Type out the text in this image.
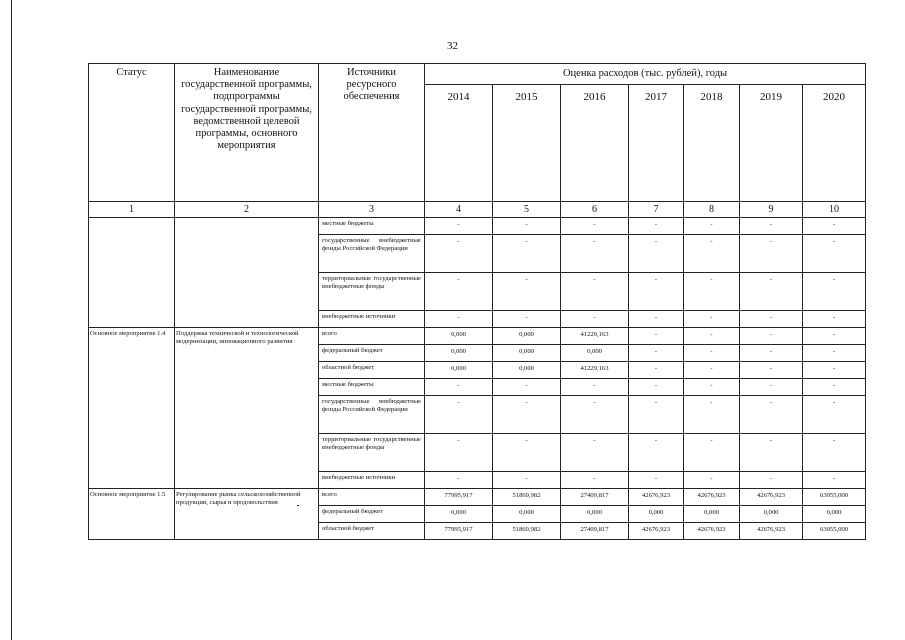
32
Статус	Наименование государственной программы, подпрограммы государственной программы, ведомственной целевой программы, основного мероприятия	Источники ресурсного обеспечения	Оценка расходов (тыс. рублей), годы						
			2014	2015	2016	2017	2018	2019	2020
1	2	3	4	5	6	7	8	9	10
		местные бюджеты	-	-	-	-	-	-	-
		государственные внебюджетные фонды Российской Федерации	-	-	-	-	-	-	-
		территориальные государственные внебюджетные фонды	-	-	-	-	-	-	-
		внебюджетные источники	-	-	-	-	-	-	-
Основное мероприятие 1.4	Поддержка технической и технологической модернизации, инновационного развития	всего	0,000	0,000	41229,163	-	-	-	-
		федеральный бюджет	0,000	0,000	0,000	-	-	-	-
		областной бюджет	0,000	0,000	41229,163	-	-	-	-
		местные бюджеты	-	-	-	-	-	-	-
		государственные внебюджетные фонды Российской Федерации	-	-	-	-	-	-	-
		территориальные государственные внебюджетные фонды	-	-	-	-	-	-	-
		внебюджетные источники	-	-	-	-	-	-	-
Основное мероприятие 1.5	Регулирование рынка сельскохозяйственной продукции, сырья и продовольствия	всего	77995,917	51869,982	27409,817	42676,923	42676,923	42676,923	63055,000
		федеральный бюджет	0,000	0,000	0,000	0,000	0,000	0,000	0,000
		областной бюджет	77995,917	51869,982	27409,817	42676,923	42676,923	42676,923	63055,000
